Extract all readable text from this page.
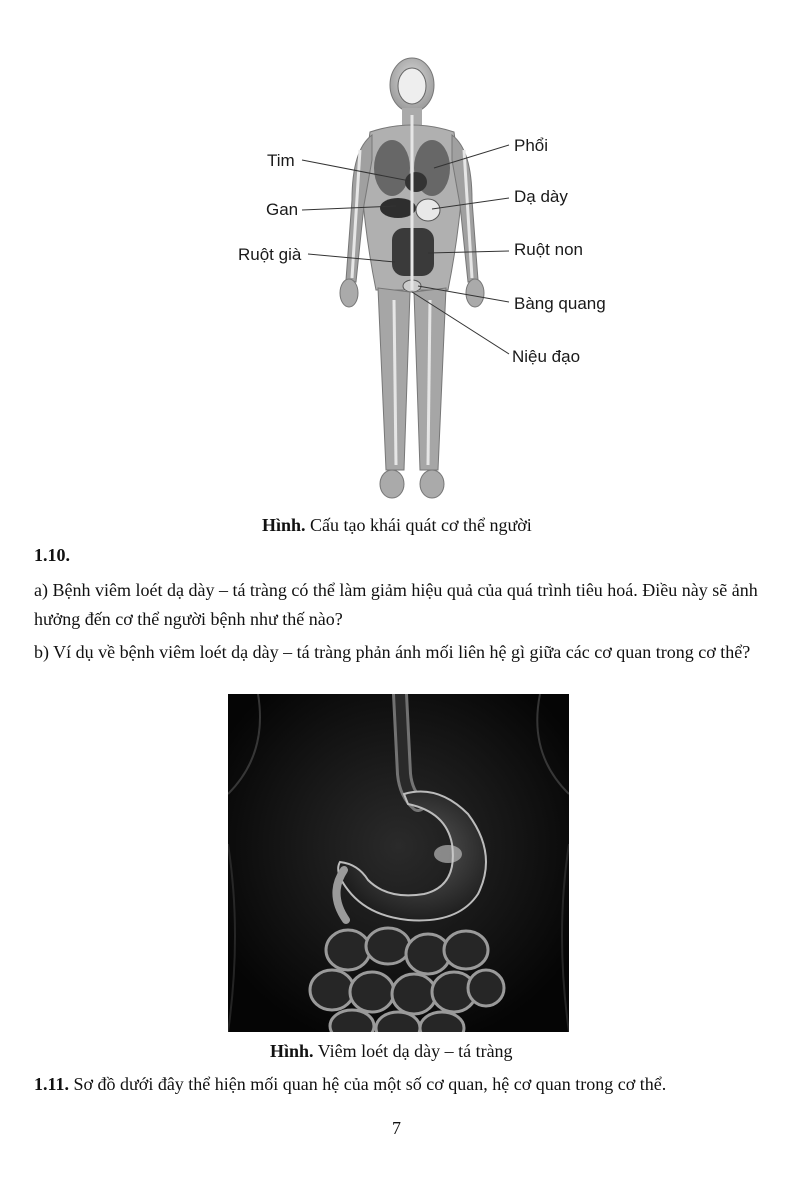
Tim
Gan
Ruột già
Phổi
Dạ dày
Ruột non
Bàng quang
Niệu đạo
Hình. Cấu tạo khái quát cơ thể người
1.10.
a) Bệnh viêm loét dạ dày – tá tràng có thể làm giảm hiệu quả của quá trình tiêu hoá. Điều này sẽ ảnh hưởng đến cơ thể người bệnh như thế nào?
b) Ví dụ về bệnh viêm loét dạ dày – tá tràng phản ánh mối liên hệ gì giữa các cơ quan trong cơ thể?
Hình. Viêm loét dạ dày – tá tràng
1.11. Sơ đồ dưới đây thể hiện mối quan hệ của một số cơ quan, hệ cơ quan trong cơ thể.
7
